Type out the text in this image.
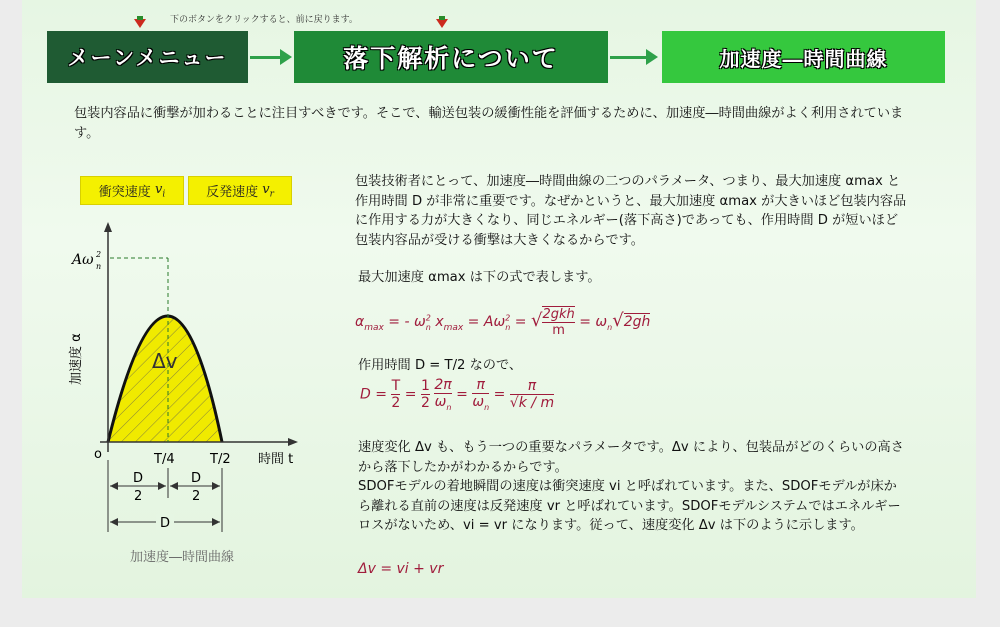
下のボタンをクリックすると、前に戻ります。
メーンメニュー	落下解析について	加速度―時間曲線
包装内容品に衝撃が加わることに注目すべきです。そこで、輸送包装の緩衝性能を評価するために、加速度―時間曲線がよく利用されています。
衝突速度
$v_i$	反発速度
$v_r$
Aω 2
n
加速度 α	Δv
o	T/4	T/2 時間 t
D
2
D
2
D
加速度―時間曲線
包装技術者にとって、加速度―時間曲線の二つのパラメータ、つまり、最大加速度 αmax と作用時間 D が非常に重要です。なぜかというと、最大加速度 αmax が大きいほど包装内容品に作用する力が大きくなり、同じエネルギー(落下高さ)であっても、作用時間 D が短いほど包装内容品が受ける衝撃は大きくなるからです。
最大加速度 αmax は下の式で表します。
$\alpha_{max}$ = - $\omega^2_n$ $x_{max} = A\omega^2_n$ = √ 2gkh
m
= $\omega_n√2gh$
作用時間 D = T/2 なので、
$D = \frac{T}{2} = \frac{1}{2}$
$\frac{2\pi}{\omega_n} = \frac{\pi}{\omega_n} = \frac{\pi}{√k / m}$
速度変化 Δv も、もう一つの重要なパラメータです。Δv により、包装品がどのくらいの高さから落下したかがわかるからです。
SDOFモデルの着地瞬間の速度は衝突速度 vi と呼ばれています。また、SDOFモデルが床から離れる直前の速度は反発速度 vr と呼ばれています。SDOFモデルシステムではエネルギーロスがないため、vi = vr になります。従って、速度変化 Δv は下のように示します。
Δv = vi + vr
